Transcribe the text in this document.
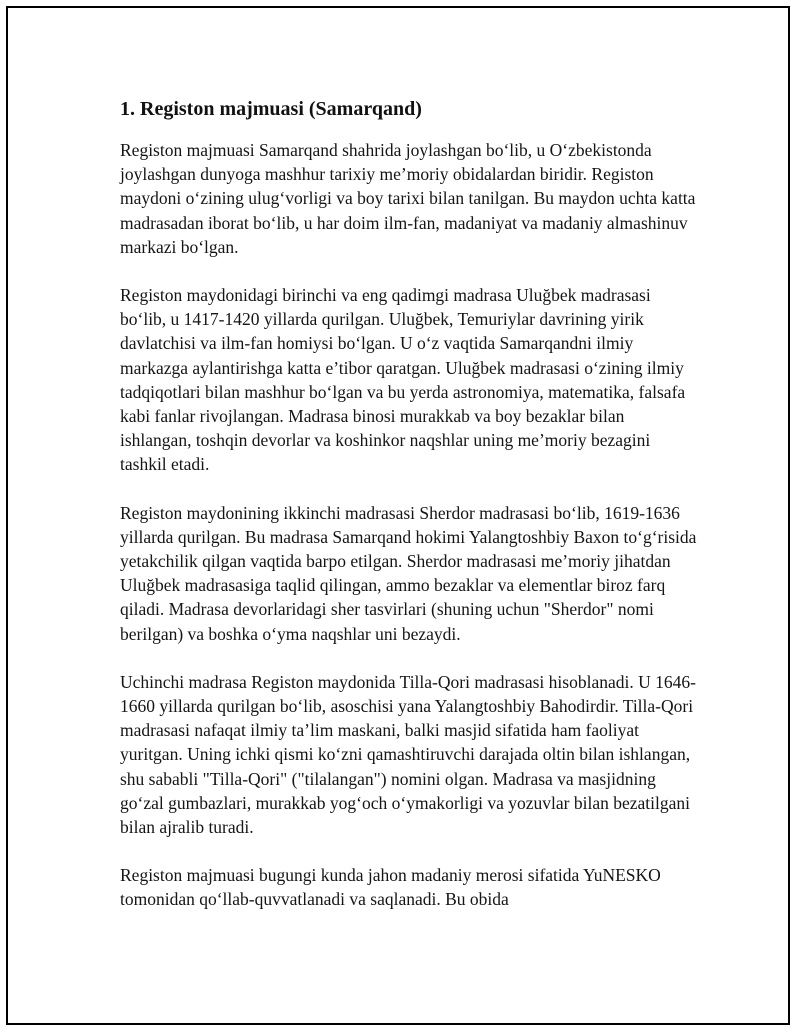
1. Registon majmuasi (Samarqand)

Registon majmuasi Samarqand shahrida joylashgan bo‘lib, u O‘zbekistonda joylashgan dunyoga mashhur tarixiy me’moriy obidalardan biridir. Registon maydoni o‘zining ulug‘vorligi va boy tarixi bilan tanilgan. Bu maydon uchta katta madrasadan iborat bo‘lib, u har doim ilm-fan, madaniyat va madaniy almashinuv markazi bo‘lgan.

Registon maydonidagi birinchi va eng qadimgi madrasa Uluğbek madrasasi bo‘lib, u 1417-1420 yillarda qurilgan. Uluğbek, Temuriylar davrining yirik davlatchisi va ilm-fan homiysi bo‘lgan. U o‘z vaqtida Samarqandni ilmiy markazga aylantirishga katta e’tibor qaratgan. Uluğbek madrasasi o‘zining ilmiy tadqiqotlari bilan mashhur bo‘lgan va bu yerda astronomiya, matematika, falsafa kabi fanlar rivojlangan. Madrasa binosi murakkab va boy bezaklar bilan ishlangan, toshqin devorlar va koshinkor naqshlar uning me’moriy bezagini tashkil etadi.

Registon maydonining ikkinchi madrasasi Sherdor madrasasi bo‘lib, 1619-1636 yillarda qurilgan. Bu madrasa Samarqand hokimi Yalangtoshbiy Baxon to‘g‘risida yetakchilik qilgan vaqtida barpo etilgan. Sherdor madrasasi me’moriy jihatdan Uluğbek madrasasiga taqlid qilingan, ammo bezaklar va elementlar biroz farq qiladi. Madrasa devorlaridagi sher tasvirlari (shuning uchun "Sherdor" nomi berilgan) va boshka o‘yma naqshlar uni bezaydi.

Uchinchi madrasa Registon maydonida Tilla-Qori madrasasi hisoblanadi. U 1646-1660 yillarda qurilgan bo‘lib, asoschisi yana Yalangtoshbiy Bahodirdir. Tilla-Qori madrasasi nafaqat ilmiy ta’lim maskani, balki masjid sifatida ham faoliyat yuritgan. Uning ichki qismi ko‘zni qamashtiruvchi darajada oltin bilan ishlangan, shu sababli "Tilla-Qori" ("tilalangan") nomini olgan. Madrasa va masjidning go‘zal gumbazlari, murakkab yog‘och o‘ymakorligi va yozuvlar bilan bezatilgani bilan ajralib turadi.

Registon majmuasi bugungi kunda jahon madaniy merosi sifatida YuNESKO tomonidan qo‘llab-quvvatlanadi va saqlanadi. Bu obida
